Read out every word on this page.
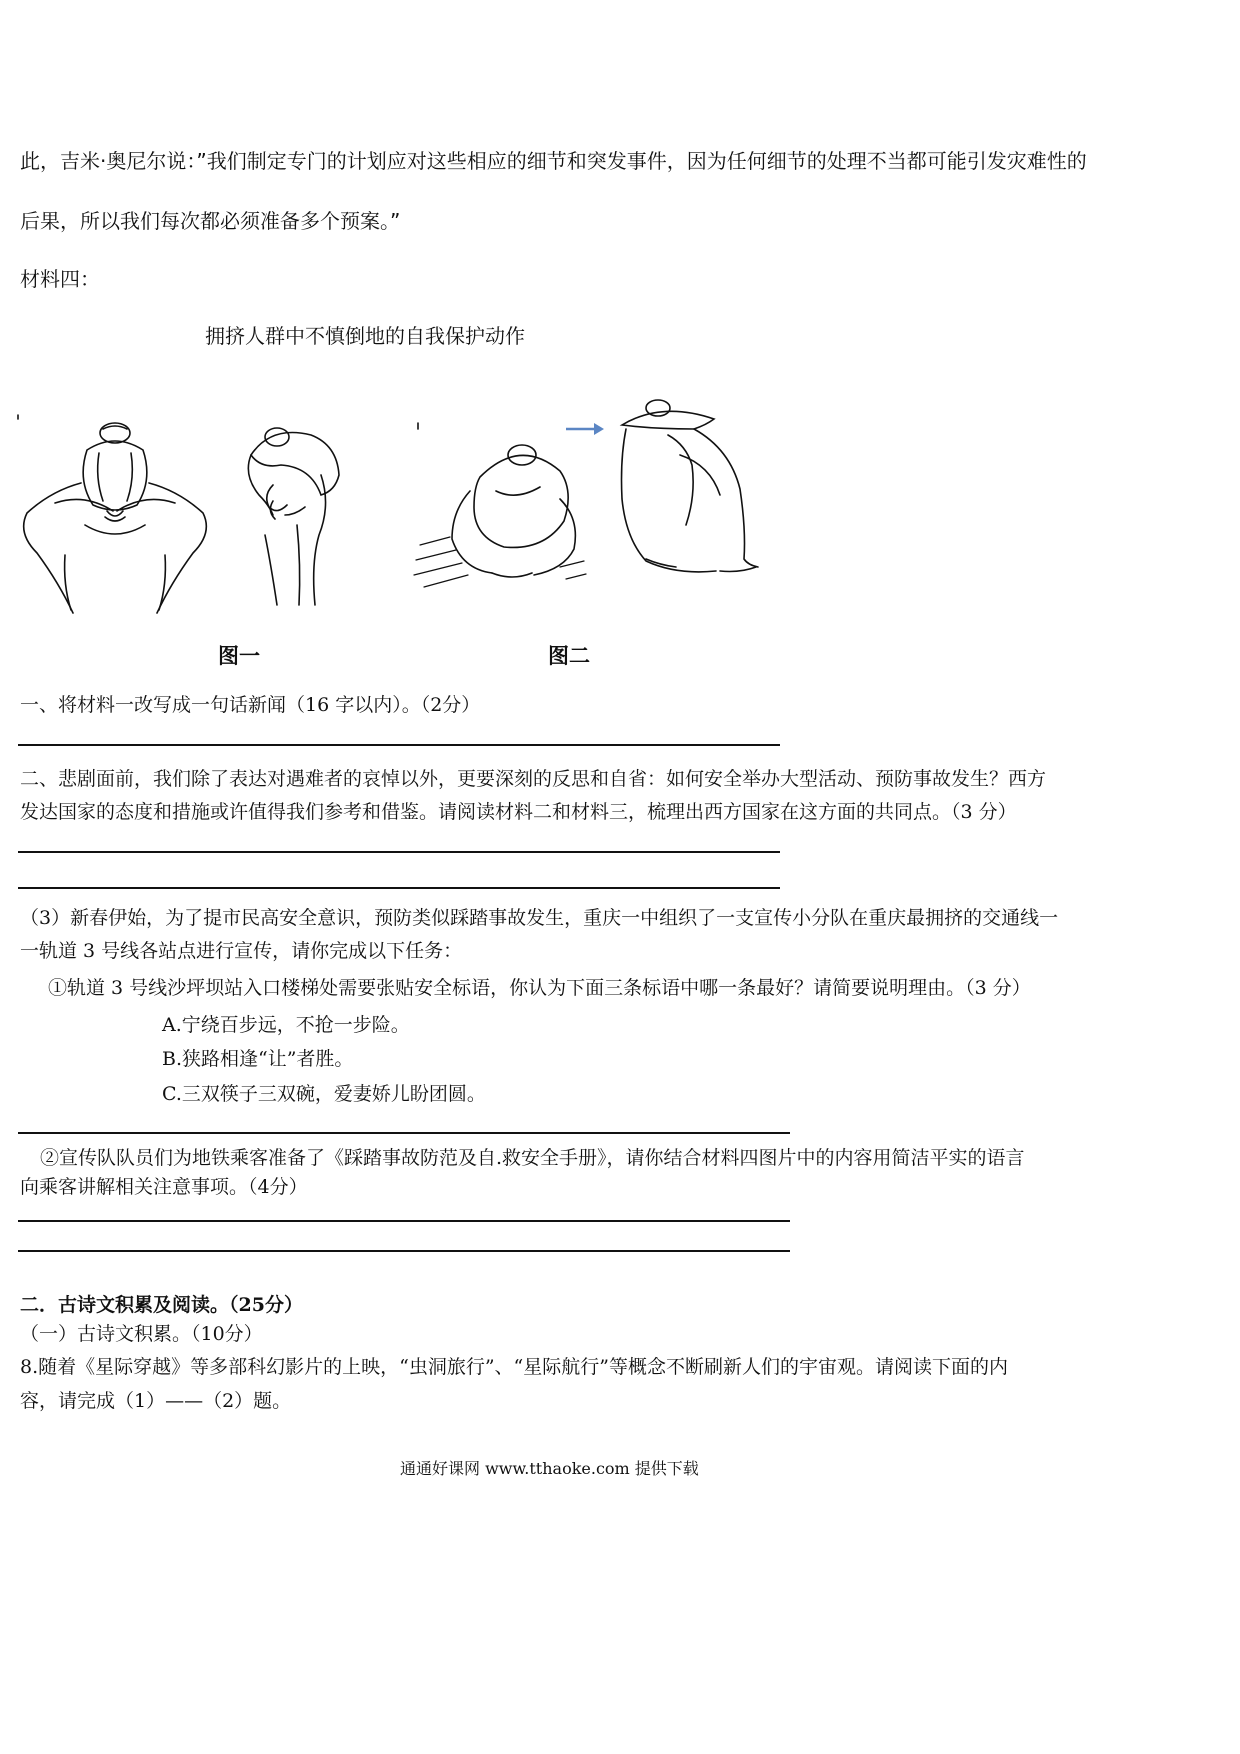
此，吉米·奥尼尔说：”我们制定专门的计划应对这些相应的细节和突发事件，因为任何细节的处理不当都可能引发灾难性的
后果，所以我们每次都必须准备多个预案。”
材料四：
拥挤人群中不慎倒地的自我保护动作
图一	图二
一、将材料一改写成一句话新闻（16 字以内）。（2分）
二、悲剧面前，我们除了表达对遇难者的哀悼以外，更要深刻的反思和自省：如何安全举办大型活动、预防事故发生？西方
发达国家的态度和措施或许值得我们参考和借鉴。请阅读材料二和材料三，梳理出西方国家在这方面的共同点。（3 分）
（3）新春伊始，为了提市民高安全意识，预防类似踩踏事故发生，重庆一中组织了一支宣传小分队在重庆最拥挤的交通线一
一轨道 3 号线各站点进行宣传，请你完成以下任务：
①轨道 3 号线沙坪坝站入口楼梯处需要张贴安全标语，你认为下面三条标语中哪一条最好？请简要说明理由。（3 分）
A.宁绕百步远，不抢一步险。
B.狭路相逢“让”者胜。
C.三双筷子三双碗，爱妻娇儿盼团圆。
②宣传队队员们为地铁乘客准备了《踩踏事故防范及自.救安全手册》，请你结合材料四图片中的内容用简洁平实的语言
向乘客讲解相关注意事项。（4分）
二．古诗文积累及阅读。（25分）
（一）古诗文积累。（10分）
8.随着《星际穿越》等多部科幻影片的上映，“虫洞旅行”、“星际航行”等概念不断刷新人们的宇宙观。请阅读下面的内
容，请完成（1）——（2）题。
通通好课网 www.tthaoke.com 提供下载
